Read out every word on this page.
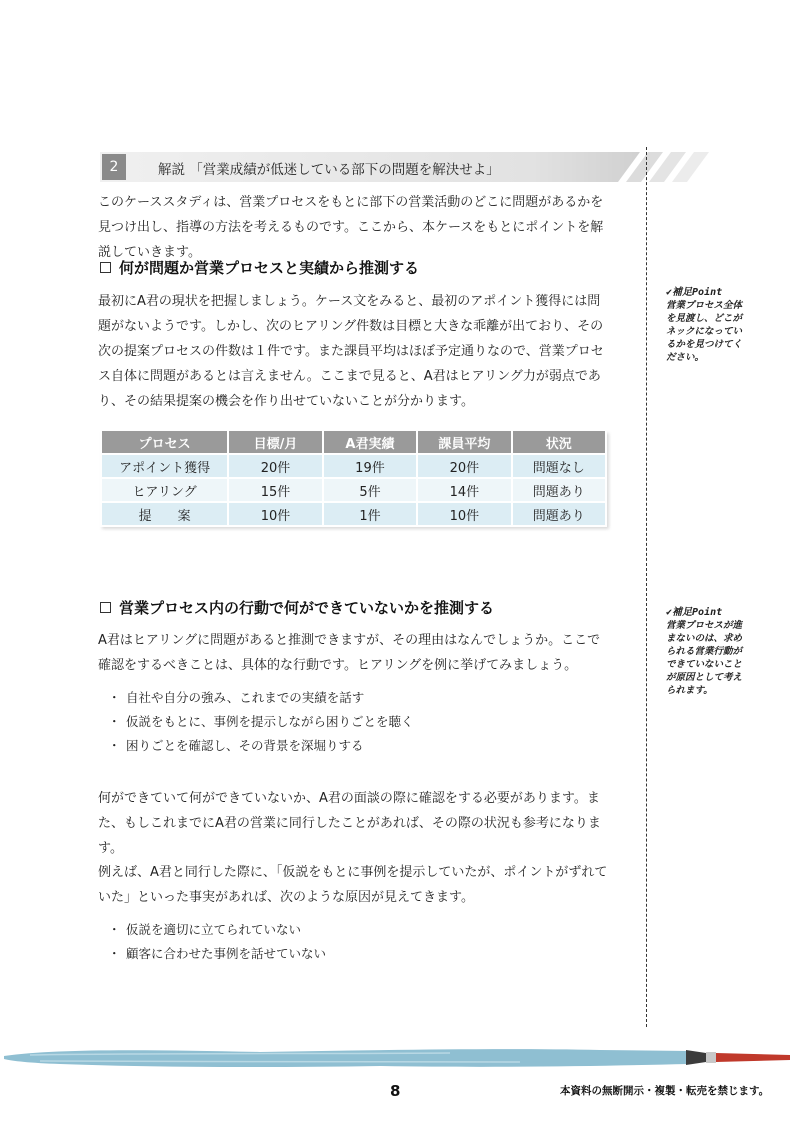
2	解説 「営業成績が低迷している部下の問題を解決せよ」
このケーススタディは、営業プロセスをもとに部下の営業活動のどこに問題があるかを見つけ出し、指導の方法を考えるものです。ここから、本ケースをもとにポイントを解説していきます。
何が問題か営業プロセスと実績から推測する
最初にA君の現状を把握しましょう。ケース文をみると、最初のアポイント獲得には問題がないようです。しかし、次のヒアリング件数は目標と大きな乖離が出ており、その次の提案プロセスの件数は１件です。また課員平均はほぼ予定通りなので、営業プロセス自体に問題があるとは言えません。ここまで見ると、A君はヒアリング力が弱点であり、その結果提案の機会を作り出せていないことが分かります。
プロセス	目標/月	A君実績	課員平均	状況
アポイント獲得	20件	19件	20件	問題なし
ヒアリング	15件	5件	14件	問題あり
提　　案	10件	1件	10件	問題あり
営業プロセス内の行動で何ができていないかを推測する
A君はヒアリングに問題があると推測できますが、その理由はなんでしょうか。ここで確認をするべきことは、具体的な行動です。ヒアリングを例に挙げてみましょう。
・ 自社や自分の強み、これまでの実績を話す
・ 仮説をもとに、事例を提示しながら困りごとを聴く
・ 困りごとを確認し、その背景を深堀りする
何ができていて何ができていないか、A君の面談の際に確認をする必要があります。また、もしこれまでにA君の営業に同行したことがあれば、その際の状況も参考になります。
例えば、A君と同行した際に、「仮説をもとに事例を提示していたが、ポイントがずれていた」といった事実があれば、次のような原因が見えてきます。
・ 仮説を適切に立てられていない
・ 顧客に合わせた事例を話せていない
✔補足Point
営業プロセス全体
を見渡し、どこが
ネックになってい
るかを見つけてく
ださい。
✔補足Point
営業プロセスが進
まないのは、求め
られる営業行動が
できていないこと
が原因として考え
られます。
8	本資料の無断開示・複製・転売を禁じます。
